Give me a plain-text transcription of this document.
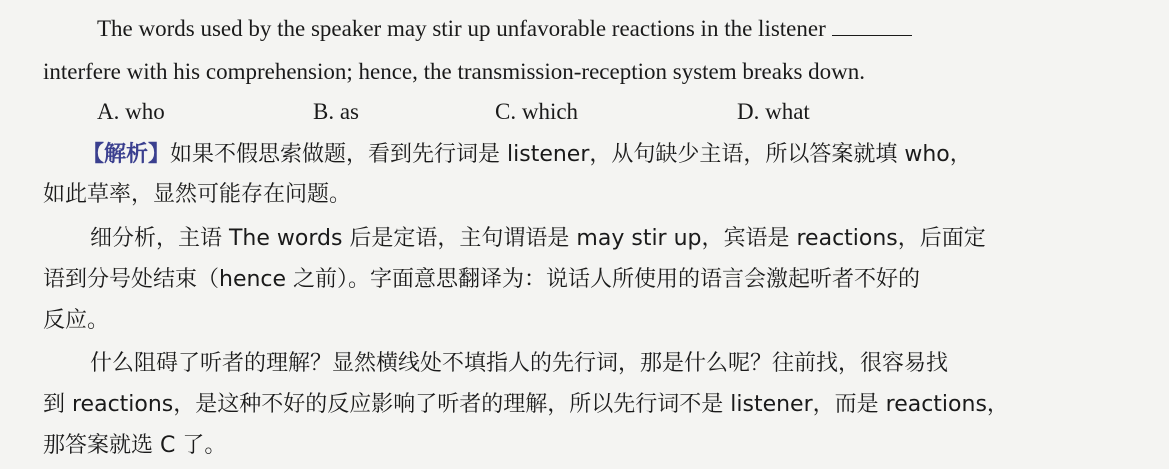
The words used by the speaker may stir up unfavorable reactions in the listener
interfere with his comprehension; hence, the transmission-reception system breaks down.
A. who	B. as	C. which	D. what
【解析】如果不假思索做题，看到先行词是 listener，从句缺少主语，所以答案就填 who，
如此草率，显然可能存在问题。
细分析，主语 The words 后是定语，主句谓语是 may stir up，宾语是 reactions，后面定
语到分号处结束（hence 之前）。字面意思翻译为：说话人所使用的语言会激起听者不好的
反应。
什么阻碍了听者的理解？显然横线处不填指人的先行词，那是什么呢？往前找，很容易找
到 reactions，是这种不好的反应影响了听者的理解，所以先行词不是 listener，而是 reactions，
那答案就选 C 了。
